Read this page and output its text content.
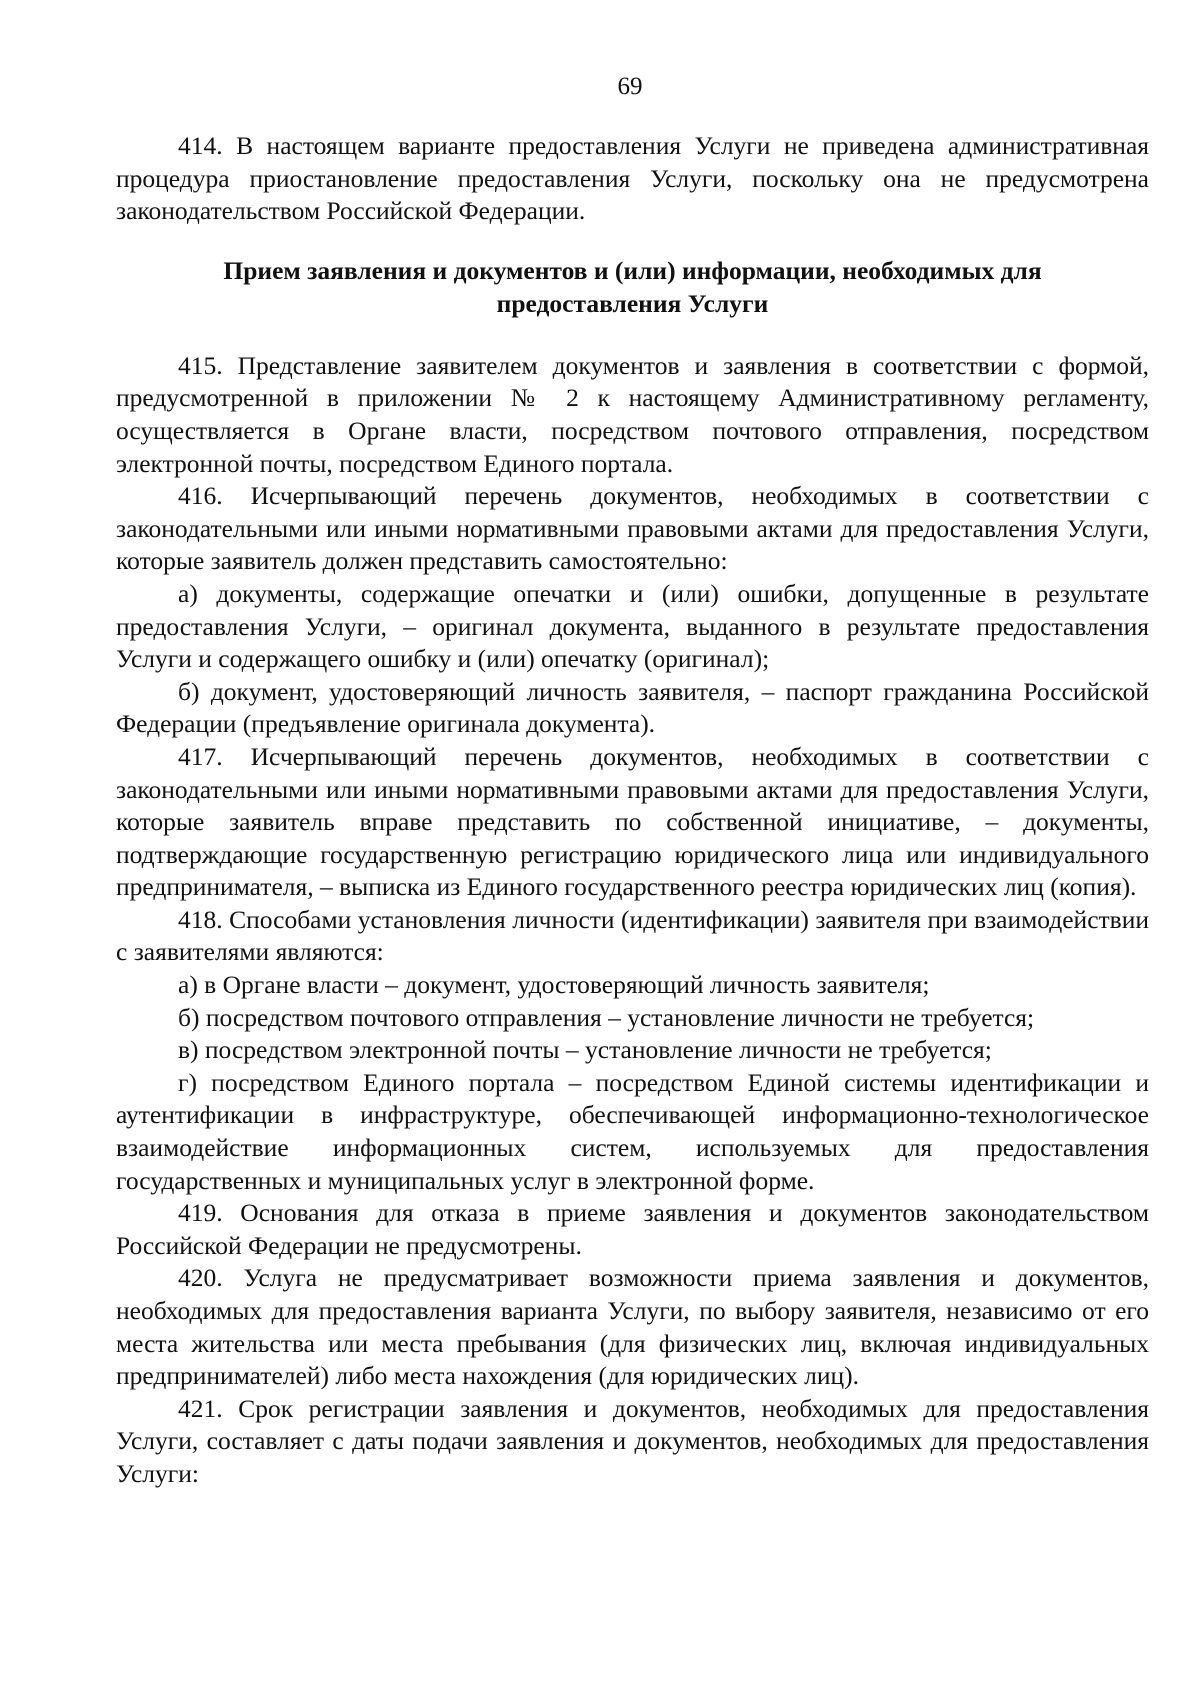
69

414. В настоящем варианте предоставления Услуги не приведена административная процедура приостановление предоставления Услуги, поскольку она не предусмотрена законодательством Российской Федерации.

Прием заявления и документов и (или) информации, необходимых для
предоставления Услуги

415. Представление заявителем документов и заявления в соответствии с формой, предусмотренной в приложении № 2 к настоящему Административному регламенту, осуществляется в Органе власти, посредством почтового отправления, посредством электронной почты, посредством Единого портала.

416. Исчерпывающий перечень документов, необходимых в соответствии с законодательными или иными нормативными правовыми актами для предоставления Услуги, которые заявитель должен представить самостоятельно:

а) документы, содержащие опечатки и (или) ошибки, допущенные в результате предоставления Услуги, – оригинал документа, выданного в результате предоставления Услуги и содержащего ошибку и (или) опечатку (оригинал);

б) документ, удостоверяющий личность заявителя, – паспорт гражданина Российской Федерации (предъявление оригинала документа).

417. Исчерпывающий перечень документов, необходимых в соответствии с законодательными или иными нормативными правовыми актами для предоставления Услуги, которые заявитель вправе представить по собственной инициативе, – документы, подтверждающие государственную регистрацию юридического лица или индивидуального предпринимателя, – выписка из Единого государственного реестра юридических лиц (копия).

418. Способами установления личности (идентификации) заявителя при взаимодействии с заявителями являются:

а) в Органе власти – документ, удостоверяющий личность заявителя;

б) посредством почтового отправления – установление личности не требуется;

в) посредством электронной почты – установление личности не требуется;

г) посредством Единого портала – посредством Единой системы идентификации и аутентификации в инфраструктуре, обеспечивающей информационно-технологическое взаимодействие информационных систем, используемых для предоставления государственных и муниципальных услуг в электронной форме.

419. Основания для отказа в приеме заявления и документов законодательством Российской Федерации не предусмотрены.

420. Услуга не предусматривает возможности приема заявления и документов, необходимых для предоставления варианта Услуги, по выбору заявителя, независимо от его места жительства или места пребывания (для физических лиц, включая индивидуальных предпринимателей) либо места нахождения (для юридических лиц).

421. Срок регистрации заявления и документов, необходимых для предоставления Услуги, составляет с даты подачи заявления и документов, необходимых для предоставления Услуги:
